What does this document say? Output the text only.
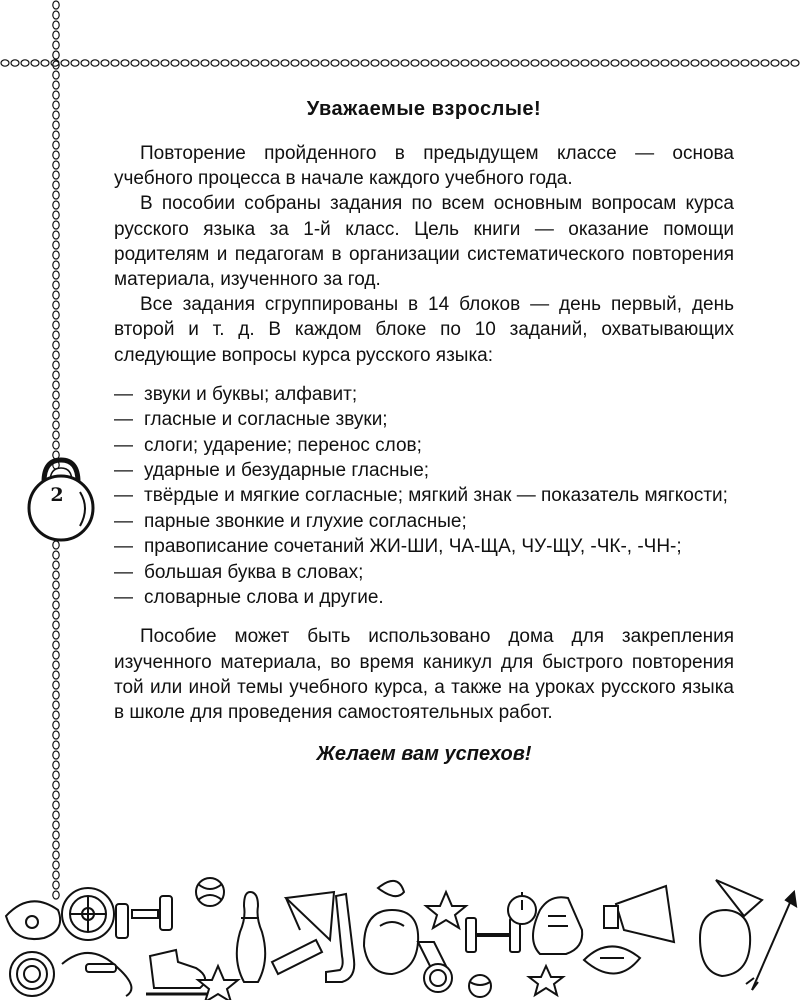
2
Уважаемые взрослые!

Повторение пройденного в предыдущем классе — основа учебного процесса в начале каждого учебного года.

В пособии собраны задания по всем основным вопросам курса русского языка за 1-й класс. Цель книги — оказание помощи родителям и педагогам в организации систематического повторения материала, изученного за год.

Все задания сгруппированы в 14 блоков — день первый, день второй и т. д. В каждом блоке по 10 заданий, охватывающих следующие вопросы курса русского языка:

— звуки и буквы; алфавит;
— гласные и согласные звуки;
— слоги; ударение; перенос слов;
— ударные и безударные гласные;
— твёрдые и мягкие согласные; мягкий знак — показатель мягкости;
— парные звонкие и глухие согласные;
— правописание сочетаний ЖИ-ШИ, ЧА-ЩА, ЧУ-ЩУ, -ЧК-, -ЧН-;
— большая буква в словах;
— словарные слова и другие.

Пособие может быть использовано дома для закрепления изученного материала, во время каникул для быстрого повторения той или иной темы учебного курса, а также на уроках русского языка в школе для проведения самостоятельных работ.

Желаем вам успехов!
